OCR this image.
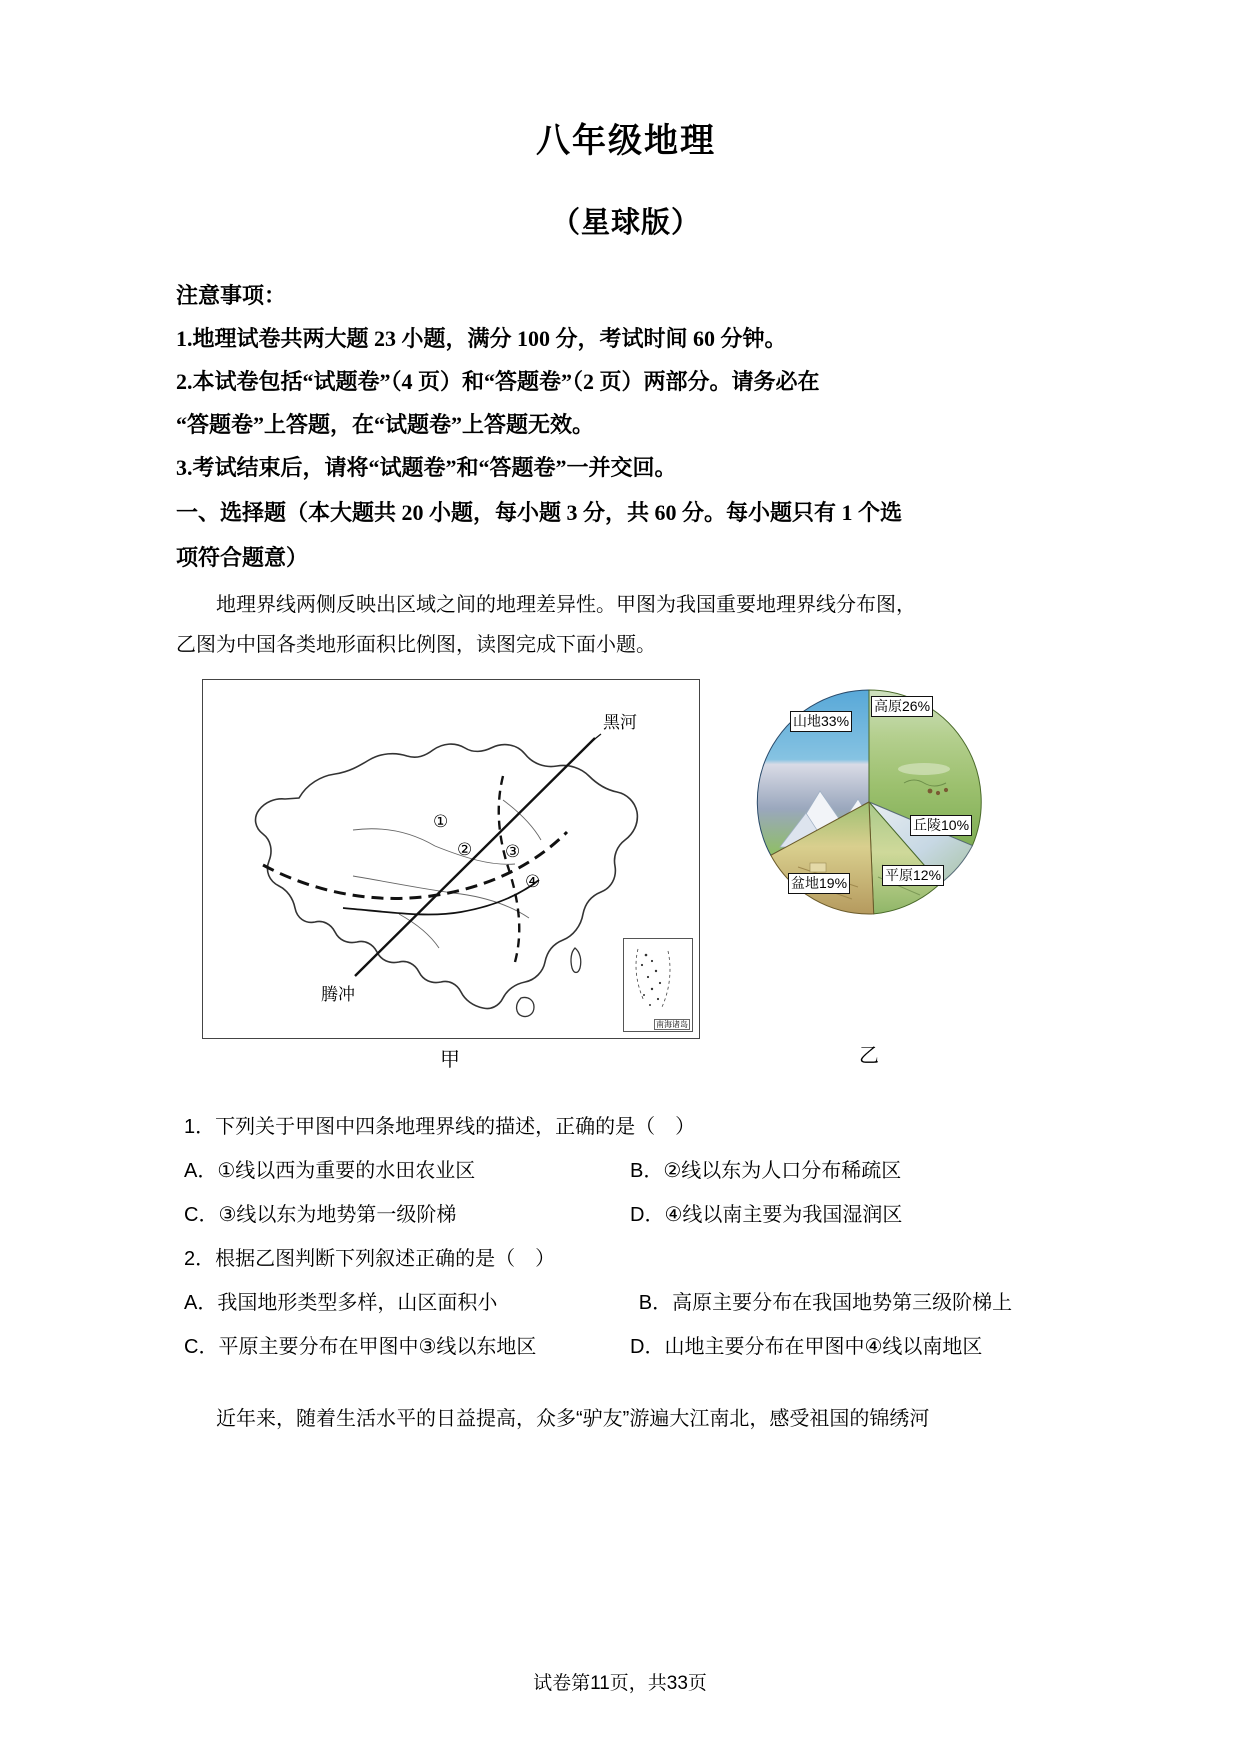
八年级地理
（星球版）
注意事项：
1.地理试卷共两大题 23 小题，满分 100 分，考试时间 60 分钟。
2.本试卷包括“试题卷”（4 页）和“答题卷”（2 页）两部分。请务必在
“答题卷”上答题，在“试题卷”上答题无效。
3.考试结束后，请将“试题卷”和“答题卷”一并交回。
一、选择题（本大题共 20 小题，每小题 3 分，共 60 分。每小题只有 1 个选
项符合题意）
地理界线两侧反映出区域之间的地理差异性。甲图为我国重要地理界线分布图，
乙图为中国各类地形面积比例图，读图完成下面小题。
黑河
腾冲
①
② ③
④
南海诸岛
甲
山地33%
高原26%
丘陵10%
平原12%
盆地19%
乙
1．下列关于甲图中四条地理界线的描述，正确的是（　）
A．①线以西为重要的水田农业区	B．②线以东为人口分布稀疏区
C．③线以东为地势第一级阶梯	D．④线以南主要为我国湿润区
2．根据乙图判断下列叙述正确的是（　）
A．我国地形类型多样，山区面积小	B．高原主要分布在我国地势第三级阶梯上
C．平原主要分布在甲图中③线以东地区	D．山地主要分布在甲图中④线以南地区
近年来，随着生活水平的日益提高，众多“驴友”游遍大江南北，感受祖国的锦绣河
试卷第11页，共33页
